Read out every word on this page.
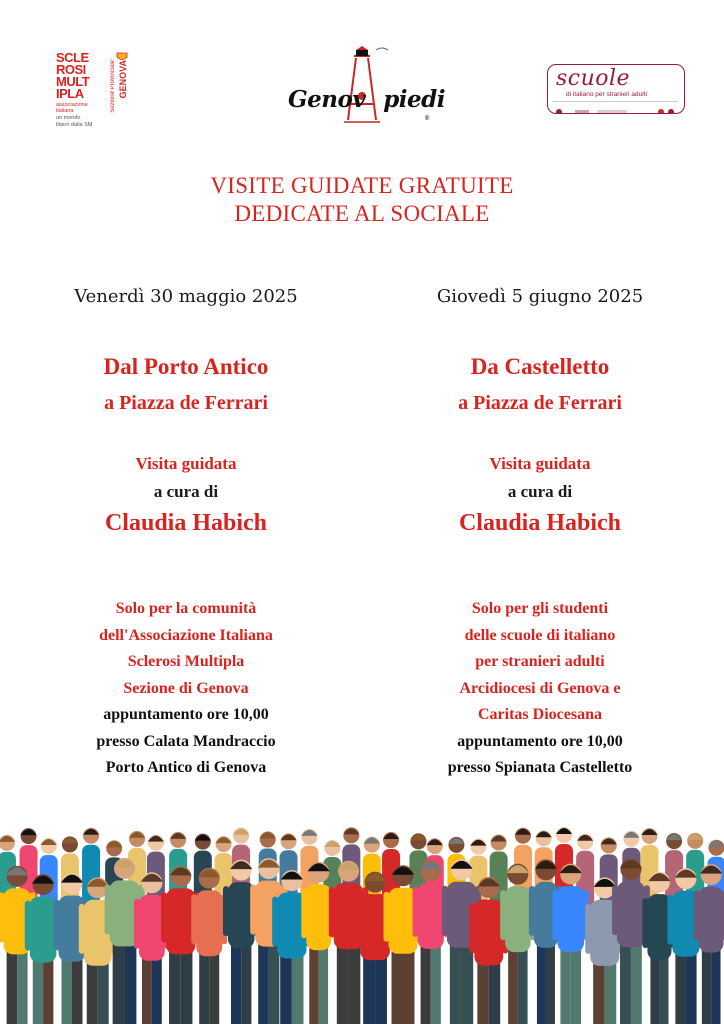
SCLE
ROSI
MULT
IPLA
associazione italiana
un mondo
libero dalla SM
Sezione Provinciale GENOVA
®
Genov piedi
scuole
di italiano per stranieri adulti
VISITE GUIDATE GRATUITE
DEDICATE AL SOCIALE
Venerdì 30 maggio 2025
Dal Porto Antico
a Piazza de Ferrari
Visita guidata
a cura di
Claudia Habich
Solo per la comunità
dell'Associazione Italiana
Sclerosi Multipla
Sezione di Genova
appuntamento ore 10,00
presso Calata Mandraccio
Porto Antico di Genova
Giovedì 5 giugno 2025
Da Castelletto
a Piazza de Ferrari
Visita guidata
a cura di
Claudia Habich
Solo per gli studenti
delle scuole di italiano
per stranieri adulti
Arcidiocesi di Genova e
Caritas Diocesana
appuntamento ore 10,00
presso Spianata Castelletto
